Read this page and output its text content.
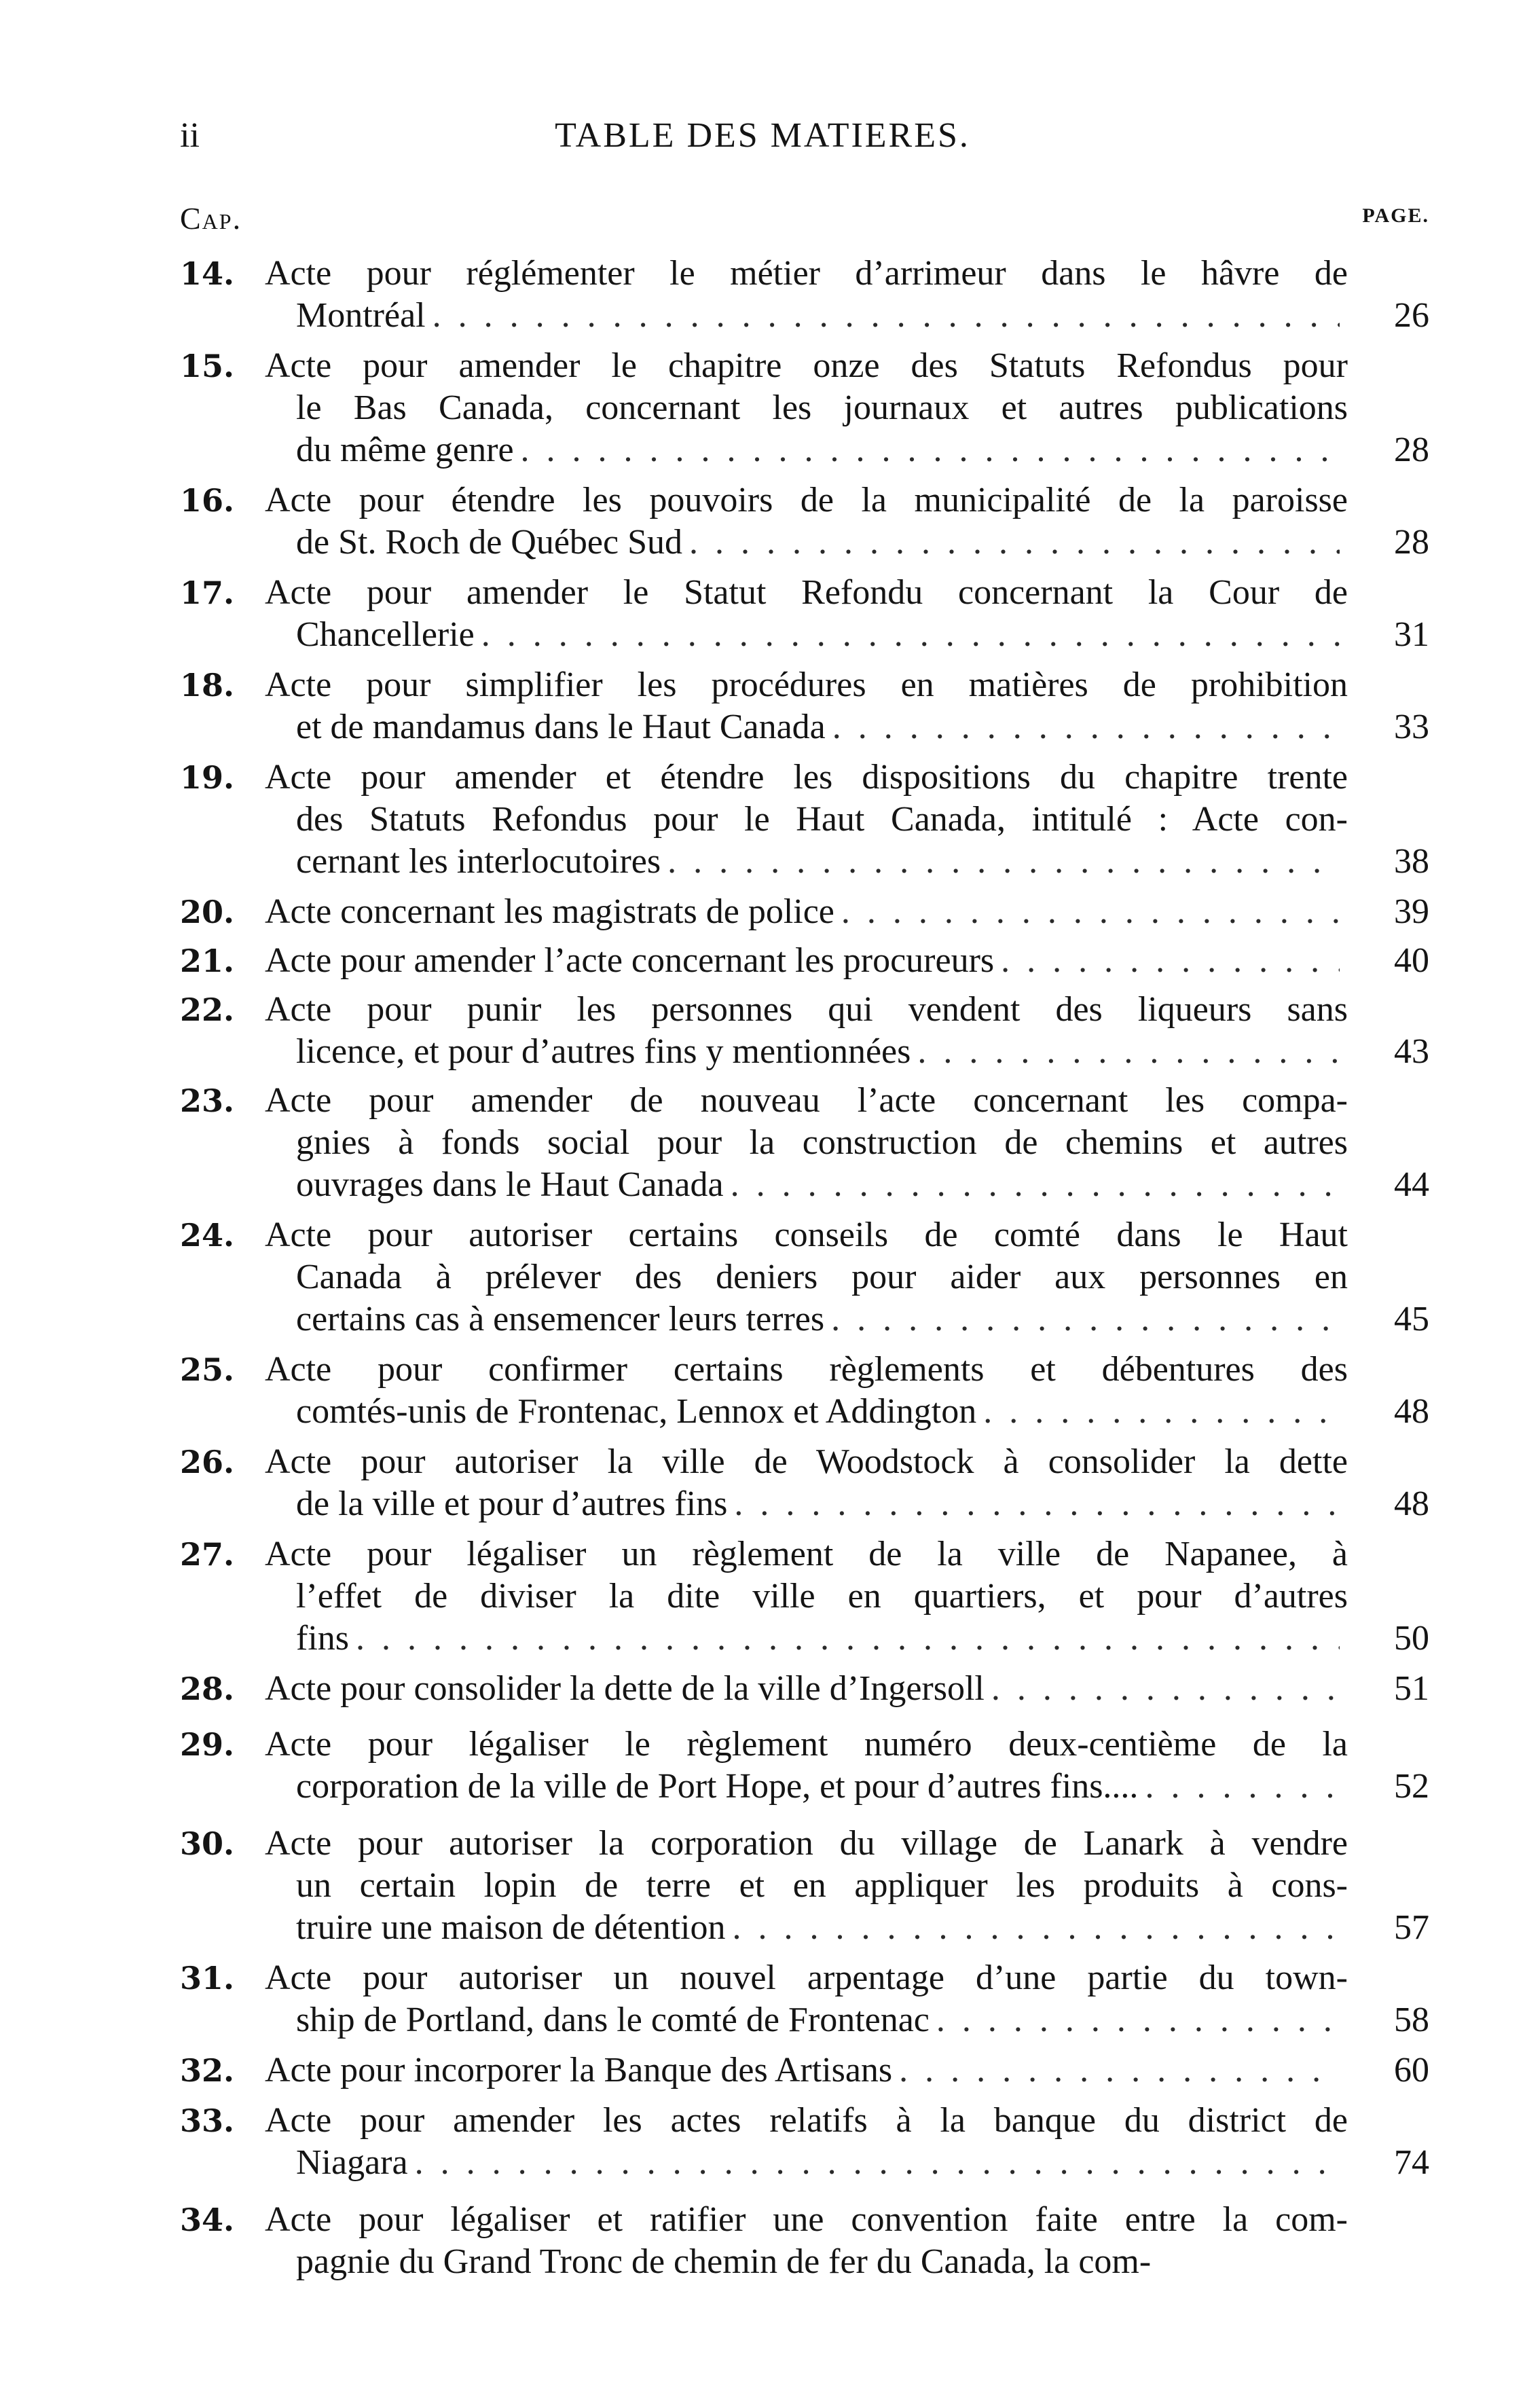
ii	TABLE DES MATIERES.
Cap.	PAGE.
14. Acte pour réglémenter le métier d’arrimeur dans le hâvre de
Montréal . . .	26
15. Acte pour amender le chapitre onze des Statuts Refondus pour
le Bas Canada, concernant les journaux et autres publications
du même genre . . .	28
16. Acte pour étendre les pouvoirs de la municipalité de la paroisse
de St. Roch de Québec Sud . . .	28
17. Acte pour amender le Statut Refondu concernant la Cour de
Chancellerie . . .	31
18. Acte pour simplifier les procédures en matières de prohibition
et de mandamus dans le Haut Canada . . .	33
19. Acte pour amender et étendre les dispositions du chapitre trente
des Statuts Refondus pour le Haut Canada, intitulé : Acte con-
cernant les interlocutoires . . .	38
20. Acte concernant les magistrats de police . . .	39
21. Acte pour amender l’acte concernant les procureurs . . .	40
22. Acte pour punir les personnes qui vendent des liqueurs sans
licence, et pour d’autres fins y mentionnées . . .	43
23. Acte pour amender de nouveau l’acte concernant les compa-
gnies à fonds social pour la construction de chemins et autres
ouvrages dans le Haut Canada . . .	44
24. Acte pour autoriser certains conseils de comté dans le Haut
Canada à prélever des deniers pour aider aux personnes en
certains cas à ensemencer leurs terres . . .	45
25. Acte pour confirmer certains règlements et débentures des
comtés-unis de Frontenac, Lennox et Addington . . .	48
26. Acte pour autoriser la ville de Woodstock à consolider la dette
de la ville et pour d’autres fins . . .	48
27. Acte pour légaliser un règlement de la ville de Napanee, à
l’effet de diviser la dite ville en quartiers, et pour d’autres
fins . . .	50
28. Acte pour consolider la dette de la ville d’Ingersoll . . .	51
29. Acte pour légaliser le règlement numéro deux-centième de la
corporation de la ville de Port Hope, et pour d’autres fins.... . . .	52
30. Acte pour autoriser la corporation du village de Lanark à vendre
un certain lopin de terre et en appliquer les produits à cons-
truire une maison de détention . . .	57
31. Acte pour autoriser un nouvel arpentage d’une partie du town-
ship de Portland, dans le comté de Frontenac . . .	58
32. Acte pour incorporer la Banque des Artisans . . .	60
33. Acte pour amender les actes relatifs à la banque du district de
Niagara . . .	74
34. Acte pour légaliser et ratifier une convention faite entre la com-
pagnie du Grand Tronc de chemin de fer du Canada, la com-
